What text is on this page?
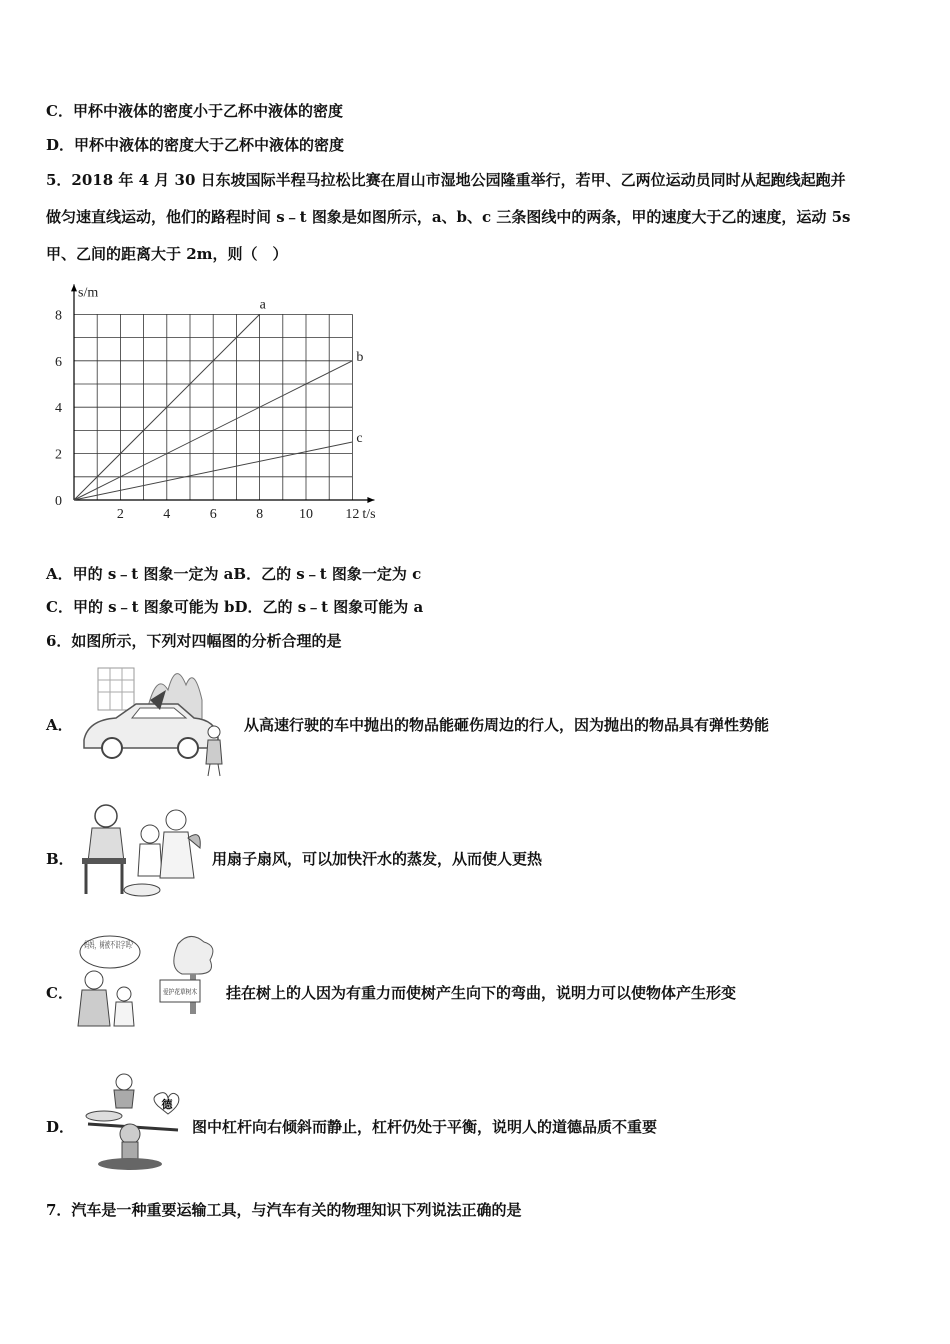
C．甲杯中液体的密度小于乙杯中液体的密度
D．甲杯中液体的密度大于乙杯中液体的密度
5．2018 年 4 月 30 日东坡国际半程马拉松比赛在眉山市湿地公园隆重举行，若甲、乙两位运动员同时从起跑线起跑并
做匀速直线运动，他们的路程时间 s﹣t 图象是如图所示，a、b、c 三条图线中的两条，甲的速度大于乙的速度，运动 5s
甲、乙间的距离大于 2m，则（　）
a
b
c
2	4	6	8	10 12
0
2
4
6
8
t/s
s/m
A．甲的 s﹣t 图象一定为 aB．乙的 s﹣t 图象一定为 c
C．甲的 s﹣t 图象可能为 bD．乙的 s﹣t 图象可能为 a
6．如图所示，下列对四幅图的分析合理的是
A．	从高速行驶的车中抛出的物品能砸伤周边的行人，因为抛出的物品具有弹性势能
B．	用扇子扇风，可以加快汗水的蒸发，从而使人更热
C．
妈妈，树被不识字吗？
爱护花草树木 挂在树上的人因为有重力而使树产生向下的弯曲，说明力可以使物体产生形变
D．
德
图中杠杆向右倾斜而静止，杠杆仍处于平衡，说明人的道德品质不重要
7．汽车是一种重要运输工具，与汽车有关的物理知识下列说法正确的是
